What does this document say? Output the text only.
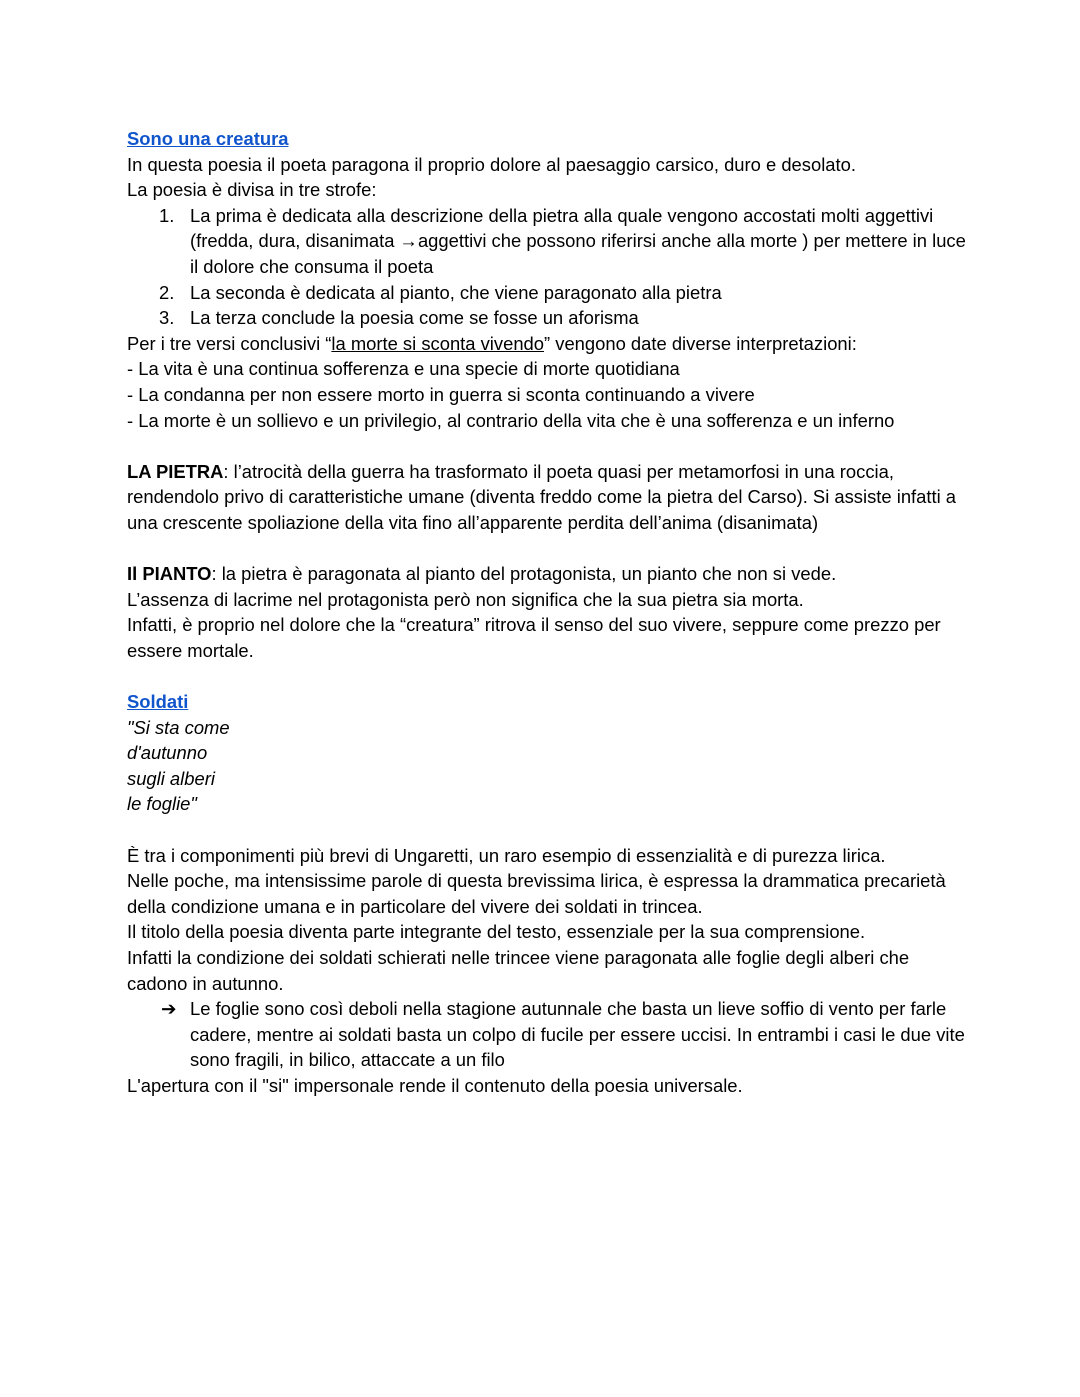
Sono una creatura

In questa poesia il poeta paragona il proprio dolore al paesaggio carsico, duro e desolato.

La poesia è divisa in tre strofe:

1. La prima è dedicata alla descrizione della pietra alla quale vengono accostati molti aggettivi (fredda, dura, disanimata →aggettivi che possono riferirsi anche alla morte ) per mettere in luce il dolore che consuma il poeta
2. La seconda è dedicata al pianto, che viene paragonato alla pietra
3. La terza conclude la poesia come se fosse un aforisma

Per i tre versi conclusivi “la morte si sconta vivendo” vengono date diverse interpretazioni:

- La vita è una continua sofferenza e una specie di morte quotidiana

- La condanna per non essere morto in guerra si sconta continuando a vivere

- La morte è un sollievo e un privilegio, al contrario della vita che è una sofferenza e un inferno

LA PIETRA: l’atrocità della guerra ha trasformato il poeta quasi per metamorfosi in una roccia, rendendolo privo di caratteristiche umane (diventa freddo come la pietra del Carso). Si assiste infatti a una crescente spoliazione della vita fino all’apparente perdita dell’anima (disanimata)

Il PIANTO: la pietra è paragonata al pianto del protagonista, un pianto che non si vede.

L’assenza di lacrime nel protagonista però non significa che la sua pietra sia morta.

Infatti, è proprio nel dolore che la “creatura” ritrova il senso del suo vivere, seppure come prezzo per essere mortale.

Soldati

"Si sta come

d'autunno

sugli alberi

le foglie"

È tra i componimenti più brevi di Ungaretti, un raro esempio di essenzialità e di purezza lirica.

Nelle poche, ma intensissime parole di questa brevissima lirica, è espressa la drammatica precarietà della condizione umana e in particolare del vivere dei soldati in trincea.

Il titolo della poesia diventa parte integrante del testo, essenziale per la sua comprensione.

Infatti la condizione dei soldati schierati nelle trincee viene paragonata alle foglie degli alberi che cadono in autunno.

➔ Le foglie sono così deboli nella stagione autunnale che basta un lieve soffio di vento per farle cadere, mentre ai soldati basta un colpo di fucile per essere uccisi. In entrambi i casi le due vite sono fragili, in bilico, attaccate a un filo

L'apertura con il "si" impersonale rende il contenuto della poesia universale.
